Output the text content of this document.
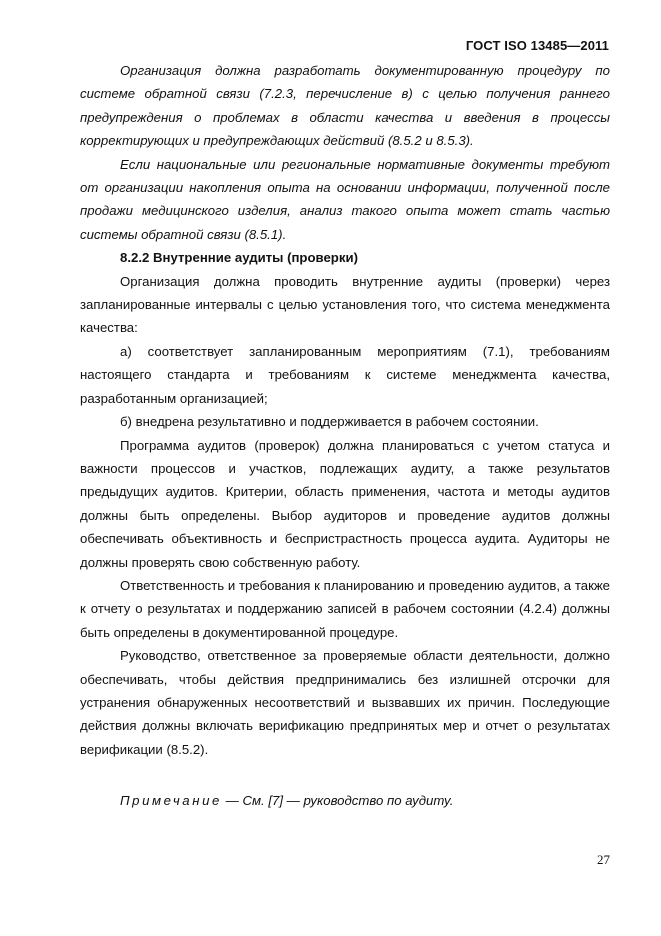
ГОСТ ISO 13485—2011

Организация должна разработать документированную процедуру по системе обратной связи (7.2.3, перечисление в) с целью получения раннего предупреждения о проблемах в области качества и введения в процессы корректирующих и предупреждающих действий (8.5.2 и 8.5.3).

Если национальные или региональные нормативные документы требуют от организации накопления опыта на основании информации, полученной после продажи медицинского изделия, анализ такого опыта может стать частью системы обратной связи (8.5.1).

8.2.2 Внутренние аудиты (проверки)

Организация должна проводить внутренние аудиты (проверки) через запланированные интервалы с целью установления того, что система менеджмента качества:

а) соответствует запланированным мероприятиям (7.1), требованиям настоящего стандарта и требованиям к системе менеджмента качества, разработанным организацией;

б) внедрена результативно и поддерживается в рабочем состоянии.

Программа аудитов (проверок) должна планироваться с учетом статуса и важности процессов и участков, подлежащих аудиту, а также результатов предыдущих аудитов. Критерии, область применения, частота и методы аудитов должны быть определены. Выбор аудиторов и проведение аудитов должны обеспечивать объективность и беспристрастность процесса аудита. Аудиторы не должны проверять свою собственную работу.

Ответственность и требования к планированию и проведению аудитов, а также к отчету о результатах и поддержанию записей в рабочем состоянии (4.2.4) должны быть определены в документированной процедуре.

Руководство, ответственное за проверяемые области деятельности, должно обеспечивать, чтобы действия предпринимались без излишней отсрочки для устранения обнаруженных несоответствий и вызвавших их причин. Последующие действия должны включать верификацию предпринятых мер и отчет о результатах верификации (8.5.2).

Примечание — См. [7] — руководство по аудиту.
27
